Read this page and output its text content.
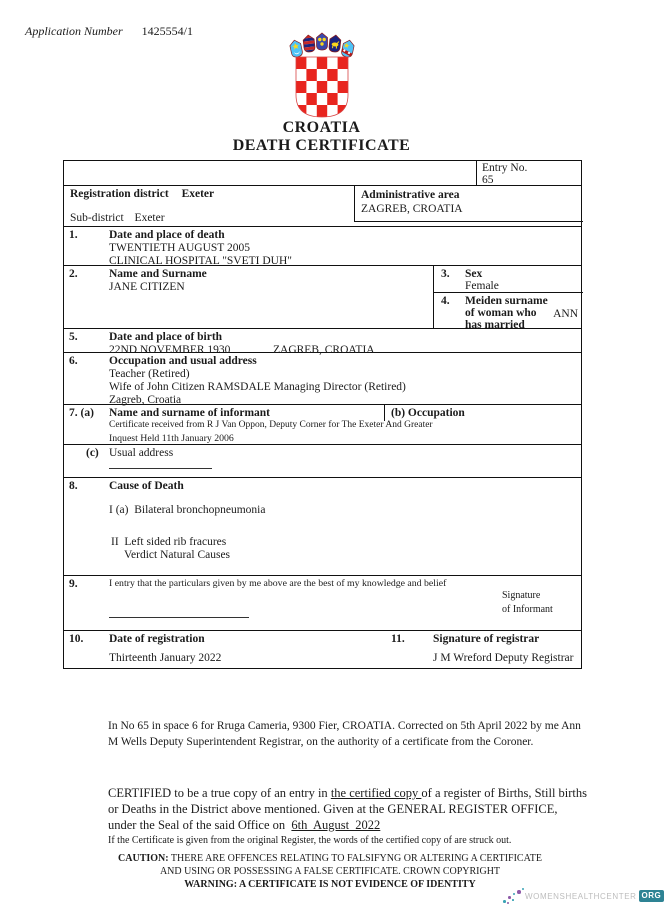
Application Number 1425554/1
CROATIA
DEATH CERTIFICATE
Entry No.
65
Registration district Exeter
Sub-district Exeter
Administrative area
ZAGREB, CROATIA
1.	Date and place of death
TWENTIETH AUGUST 2005
CLINICAL HOSPITAL "SVETI DUH"
2.	Name and Surname
JANE CITIZEN
3. Sex
Female
4. Meiden surname
of woman who
has married
ANN
5.	Date and place of birth
22ND NOVEMBER 1930	ZAGREB, CROATIA
6.	Occupation and usual address
Teacher (Retired)
Wife of John Citizen RAMSDALE Managing Director (Retired)
Zagreb, Croatia
7. (a) Name and surname of informant	(b) Occupation
Certificate received from R J Van Oppon, Deputy Corner for The Exeter And Greater
Inquest Held 11th January 2006
(c) Usual address
8.	Cause of Death
I (a)  Bilateral bronchopneumonia
II  Left sided rib fracures
Verdict Natural Causes
9.	I entry that the particulars given by me above are the best of my knowledge and belief
Signature
of Informant
10. Date of registration
Thirteenth January 2022
11. Signature of registrar
J M Wreford Deputy Registrar
In No 65 in space 6 for Rruga Cameria, 9300 Fier, CROATIA. Corrected on 5th April 2022 by me Ann M Wells Deputy Superintendent Registrar, on the authority of a certificate from the Coroner.
CERTIFIED to be a true copy of an entry in the certified copy of a register of Births, Still births or Deaths in the District above mentioned. Given at the GENERAL REGISTER OFFICE, under the Seal of the said Office on  6th  August  2022
If the Certificate is given from the original Register, the words of the certified copy of are struck out.
CAUTION: THERE ARE OFFENCES RELATING TO FALSIFYNG OR ALTERING A CERTIFICATE
AND USING OR POSSESSING A FALSE CERTIFICATE. CROWN COPYRIGHT
WARNING: A CERTIFICATE IS NOT EVIDENCE OF IDENTITY
WOMENSHEALTHCENTER ORG
